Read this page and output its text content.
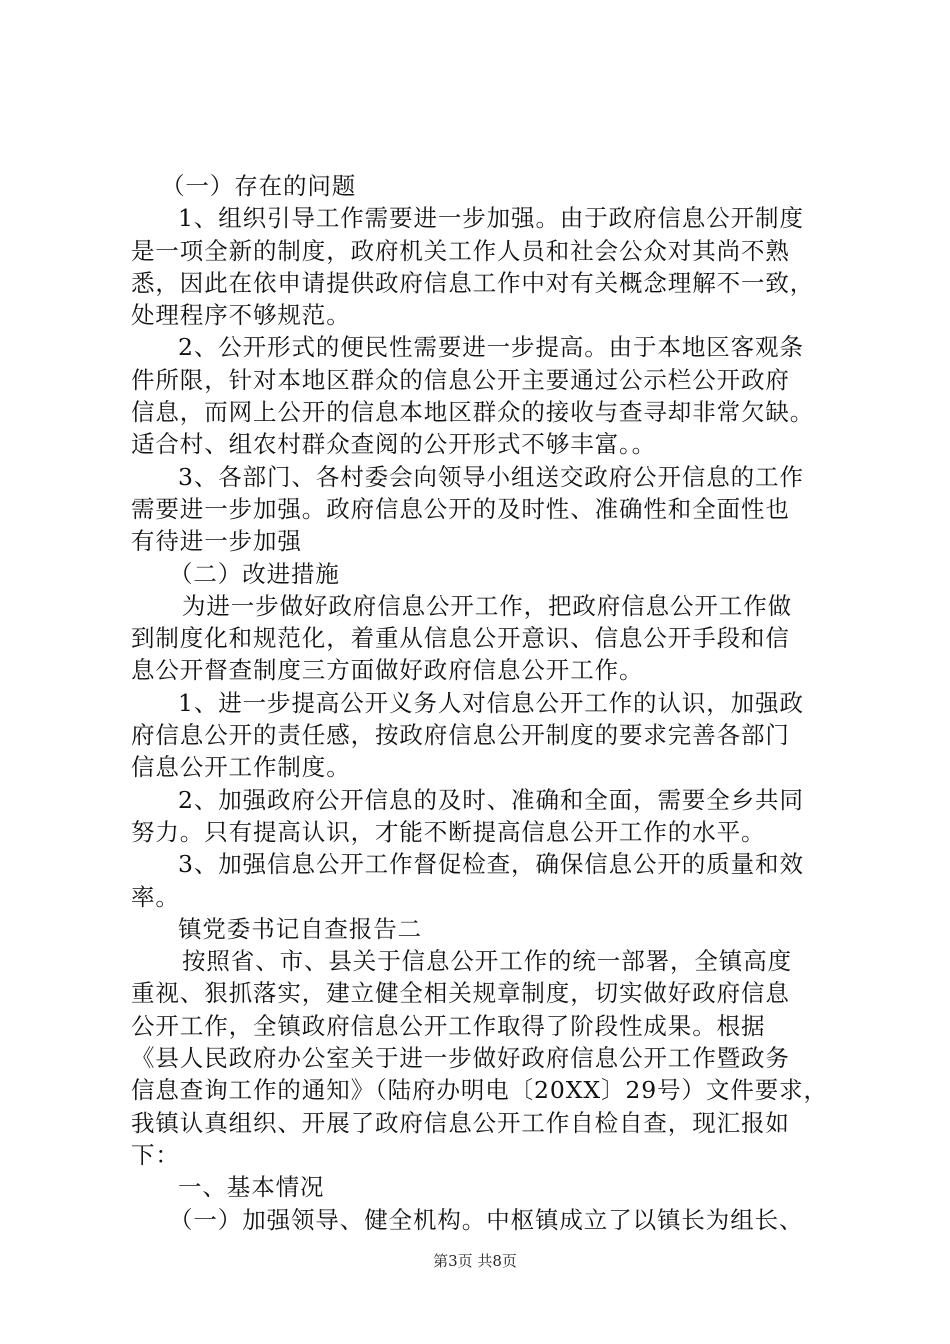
（一）存在的问题
1、组织引导工作需要进一步加强。由于政府信息公开制度
是一项全新的制度，政府机关工作人员和社会公众对其尚不熟
悉，因此在依申请提供政府信息工作中对有关概念理解不一致，
处理程序不够规范。
2、公开形式的便民性需要进一步提高。由于本地区客观条
件所限，针对本地区群众的信息公开主要通过公示栏公开政府
信息，而网上公开的信息本地区群众的接收与查寻却非常欠缺。
适合村、组农村群众查阅的公开形式不够丰富。。
3、各部门、各村委会向领导小组送交政府公开信息的工作
需要进一步加强。政府信息公开的及时性、准确性和全面性也
有待进一步加强
（二）改进措施
为进一步做好政府信息公开工作，把政府信息公开工作做
到制度化和规范化，着重从信息公开意识、信息公开手段和信
息公开督查制度三方面做好政府信息公开工作。
1、进一步提高公开义务人对信息公开工作的认识，加强政
府信息公开的责任感，按政府信息公开制度的要求完善各部门
信息公开工作制度。
2、加强政府公开信息的及时、准确和全面，需要全乡共同
努力。只有提高认识，才能不断提高信息公开工作的水平。
3、加强信息公开工作督促检查，确保信息公开的质量和效
率。
镇党委书记自查报告二
按照省、市、县关于信息公开工作的统一部署，全镇高度
重视、狠抓落实，建立健全相关规章制度，切实做好政府信息
公开工作，全镇政府信息公开工作取得了阶段性成果。根据
《县人民政府办公室关于进一步做好政府信息公开工作暨政务
信息查询工作的通知》（陆府办明电〔20XX〕29号）文件要求，
我镇认真组织、开展了政府信息公开工作自检自查，现汇报如
下：
一、基本情况
（一）加强领导、健全机构。中枢镇成立了以镇长为组长、
第3页 共8页
